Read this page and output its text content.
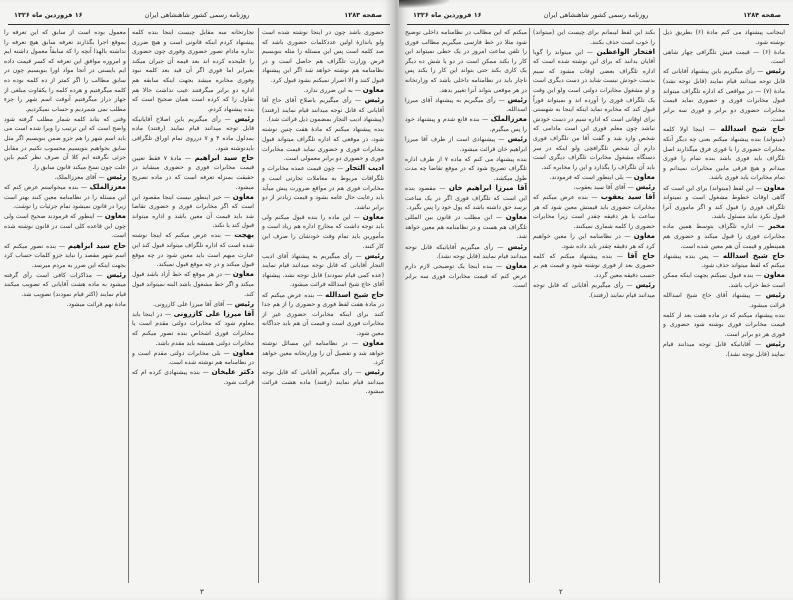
صفحه ۱۲۸۳
روزنامه رسمی کشور شاهنشاهی ایران
۱۶ فروردین ماه ۱۳۲۶

حضوری باشد چون در اینجا نوشته شده است ولو باندازهٔ اولین عددکلمات حضوری باشد که صد کلمه است پس این مسئله را مثله بنویسیم فرض وزارت تلگراف هم حاصل است و در نظامنامه هم نوشته خواهد شد اگر این پیشنهاد قبول کنند و الا اصرار نمیکنم بشود قبول کرد.

معاون — به این ضرری ندارد.

رئیس — رأی میگیریم باصلاح آقای حاج آقا آقایانی که قابل توجه میدانند قیام نمایند (رفتند) (پیشنهاد ادیب التجار بمضمون ذیل قرائت شد).

بنده پیشنهاد میکنم که مادهٔ هفت چنین نوشته شود، در موقعی که اداره تلگراف میتواند قبول مخابرات فوری و حضوری نماید قیمت مخابرات فوری و حضوری دو برابر معمولی است.

ادیب التجار — چون قیمت عمده مخابرات و تلگرافات مربوط به معاملات تجارتی است و مخابرات فوری هم در مواقع ضرورت پیش میآید باید رعایت حال عامه بشود و قیمت زیادتر از دو برابر نباشد.

معاون — این ماده را بنده قبول میکنم ولی باید توجه داشت که مخارج اداره هم زیاد است و مأمورین باید تمام وقت خودشان را صرف این کار کنند.

رئیس — رأی میگیریم به پیشنهاد آقای ادیب التجار آقایانی که قابل توجه میدانند قیام نمایند (عده کمی قیام نمودند) قابل توجه نشد. پیشنهاد آقای حاج شیخ اسدالله قرائت میشود.

حاج شیخ اسدالله — بنده عرض میکنم که در مادهٔ هفت لفظ فوری و حضوری را از هم جدا کنند برای اینکه مخابرات حضوری غیر از مخابرات فوری است و قیمت آن هم باید جداگانه معین شود.

معاون — در نظامنامه این مسائل نوشته خواهد شد و تفصیل آن را وزارتخانه معین خواهد کرد.

رئیس — رأی میگیریم آقایانی که قابل توجه میدانند قیام نمایند (رفتند) ماده هشت قرائت میشود.

تجارتخانه سه مقابل چیست اینجا بنده کلمه پیشنهاد کردم اینکه قانونی است و هیچ ضرری نداره مادام تصور حضوری وفوری چون حضوری را علیحده کرده اند بعد قیمه آن جبران میکند بعبرابر اما فوری اگر آن قید بعد کلمه نبود وفوری مخابره میشد بجهت اینکه سابقه هم اداره دو برابر میگرفتند عیب نداشت حالا هم تقاول را که کرده است همان صحیح است که بنده پیشنهاد کردم.

رئیس — رأی میگیریم باین اصلاح آقایانیکه قابل توجه میدانند قیام نمایند (رفتند) ماده بمدلول ماده ۴ و ۷ درروی تمام اوراق تلگرافی بایدنوشته شود.

حاج سید ابراهیم — مادهٔ ۷ فقط تعیین قیمت مخابرات فوری و حضوری میشاید در حقیقت بمنزله تعرفه است که در ماده تصریح میشود.

معاون — خیر اینطور نیست اینجا مقصود این است که اگر مخابرات فوری و حضوری تقاضا شد باید قیمت آن معین باشد و اداره میتواند قبول کند یا نکند.

بهجت — بنده عرض میکنم که اینجا نوشته شده است که اداره تلگراف میتواند قبول کند این عبارت مبهم است باید معین شود در چه موقع قبول میکند و در چه موقع قبول نمیکند.

معاون — در هر موقع که خط آزاد باشد قبول میکند و اگر خط مشغول باشد البته نمیتواند قبول کند.

رئیس — آقای آقا میرزا علی کازرونی.

آقا میرزا علی کازرونی — در اینجا باید معلوم شود که مخابرات دولتی مقدم است یا مخابرات فوری اشخاص بنده تصور میکنم که مخابرات دولتی همیشه باید مقدم باشد.

معاون — بلی مخابرات دولتی مقدم است و در نظامنامه هم نوشته شده است.

دکتر علیخان — بنده پیشنهادی کرده ام که قرائت شود.

معمول بوده است از سابق که این تعرفه را بموقع اجرا بگذارند تعرفه سابق هیچ تعرفه را نداشته بالهذا آنچه را که سابقاً معمول داشته ایم و امروزه موافق این تعرفه که کسر قیمت داده ایم بایستی در آنجا مواد اورا بنویسیم چون در سابق مطالب را اگر کمتر از ده کلمه بوده ده کلمه میگرفتیم و هرده کلمه را یکقاوت مبلغی از جهاز دراز میگرفتیم آنوقت اسم شهر را جزء مطلب نمی شمردیم و حساب نمیکردیم.

وقتی که بتاند کلمه شمار مطلب گرفته شود واضح است که این ترتیب را ویرا شده است می باید اسم شهر را هم جزو ضمن بنویسیم اگر مثل سابق بخواهیم بنویسیم محسوب نکنیم در مقابل جزئی نگرفته ایم کلا آن صرف نظر کنیم باین علت چون نسخ میکند قانون سابق را.

رئیس — آقای معززالملک.

معززالملک — بنده میخواستم عرض کنم که این مسئله را در نظامنامه معین کنند بهتر است زیرا در قانون نمیشود تمام جزئیات را نوشت.

معاون — اینطور که فرمودند صحیح است ولی چون این قاعده کلی است در قانون نوشته شده است.

حاج سید ابراهیم — بنده تصور میکنم که اسم شهر مقصد را نباید جزو کلمات حساب کرد بجهت اینکه این ضرر به مردم میرسد.

رئیس — مذاکرات کافی است رأی گرفته میشود به ماده هشت آقایانی که تصویب میکنند قیام نمایند (اکثر قیام نمودند) تصویب شد.

مادهٔ نهم قرائت میشود.

۳
صفحه ۱۲۸۴
روزنامه رسمی کشور شاهنشاهی ایران
۱۶ فروردین ماه ۱۳۲۶

اینجانب پیشنهاد می کنم مادهٔ (۶) بطریق ذیل نوشته شود.

مادهٔ (۶) — قیمت فیش تلگرافی چهار شاهی است.

رئیس — رأی میگیریم باین پیشنهاد آقایانی که قابل توجه میدانند قیام نمایند (قابل توجه نشد) مادهٔ (۷) — در مواقعی که اداره تلگراف میتواند قبول مخابرات فوری و حضوری نماید قیمت مخابرات حضوری دو برابر و فوری سه برابر است.

حاج شیخ اسدالله — اینجا اولا کلمه (میتواند) بنده پیشنهاد میکنم بعنی چه دیگر آنکه مخابرات حضوری را با فوری فرق میگذارند اصل تلگراف باید فوری باشد بنده تمام را فوری میدانم و هیچ فرقی مابین مخابرات نمیدانم و تمام مخابرات باید فوری باشد.

معاون — این لفظ (میتواند) برای این است که گاهی اوقات خطوط مشغول است و نمیتواند تلگراف فوری را قبول کند و اگر ماموری آنرا قبول نکرد نباید مسئول باشد.

مخبر — اداره تلگراف بتوسط همین ماده مخابرات فوری را قبول میکند و حضوری هم همینطور و قیمت آن هم معین شده است.

حاج شیخ اسدالله — پس بنده پیشنهاد میکنم که لفظ میتواند حذف شود.

معاون — بنده قبول نمیکنم بجهت اینکه ممکن است خط خراب باشد.

رئیس — پیشنهاد آقای حاج شیخ اسدالله قرائت میشود.

بنده پیشنهاد میکنم که در ماده هفت بعد از کلمه قیمت مخابرات فوری نوشته شود حضوری و فوری هر دو برابر است.

رئیس — آقایانیکه قابل توجه میدانند قیام نمایند (قابل توجه نشد).

بکند این لفظ لیبمانم برای چیست این (میتواند) را خوب است حذف بکنند.

افتخار الواعظین — این میتواند را گویا آقایان بدانند که برای این نوشته شده است که اداره تلگراف بعضی اوقات مشود که سیم بدست خودش نیست شاید در دست دیگری است و او مشغول مخابرات دولتی است ولو این وقت یک تلگراف فوری را آورده اند و نمیتواند فوراً قبول کند که مخابره نماید اینکه اینجا به شهستی برای اوقاتی است که اداره سیم در دست خودش نباشد چون معلم فوری این است مادامی که شخص وارد شد و گفت آقا من تلگراف فوری دارم آن شخص تلگرافچی ولو اینکه در سر دستگاه مشغول مخابرات تلگراف دیگری است باید آن تلگراف را بگذارد و این را مخابره کند.

معاون — بلی اینطور است که فرمودند.

رئیس — آقای آقا سید یعقوب.

آقا سید یعقوب — بنده عرض میکنم که مخابرات حضوری باید قیمتش معین شود که هر ساعت یا هر دقیقه چقدر است زیرا مخابرات حضوری را کلمه شماری نمیکنند.

معاون — در نظامنامه این را معین خواهیم کرد که هر دقیقه چقدر باید داده شود.

حاج آقا — بنده پیشنهاد میکنم که کلمه حضوری بعد از فوری نوشته شود و قیمت هم بر حسب دقیقه معین گردد.

رئیس — رأی میگیریم آقایانی که قابل توجه میدانند قیام نمایند (رفتند).

میکنم که این مطالب در نظامنامه داخلی توضیح شود مثلا در خط فارسی میگیریم مطالب فوری را تلفن ساعت امروز در یک خطی نمیتواند این کار را بکند ممکن است در دو یا شش ده دیگر یک کاری بکند حتی بتواند این کار را بکند پس ناچار باید در نظامنامه داخلی باشد که وزارتخانه در هر موقعی بتواند آنرا تغییر بدهد.

رئیس — رأی میگیریم به پیشنهاد آقای میرزا اسدالله.

معززالملک — بنده قانع شدم و پیشنهاد خود را پس میگیرم.

رئیس — پیشنهادی است از طرف آقا میرزا ابراهیم خان قرائت میشود.

بنده پیشنهاد می کنم که ماده ۷ از طرف اداره تلگراف تصریح شود که در موقع تقاضا چه مدت طول میکشد.

آقا میرزا ابراهیم خان — مقصود بنده این است که تلگراف فوری اگر در یک ساعت نرسد حق داشته باشد که پول خود را پس بگیرد.

معاون — این مطلب در قانون بین المللی تلگراف هم هست و در نظامنامه هم معین خواهد شد.

رئیس — رأی میگیریم آقایانیکه قابل توجه میدانند قیام نمایند (قابل توجه نشد).

معاون — بنده اینجا یک توضیحی لازم دارم عرض کنم که قیمت مخابرات فوری سه برابر است.

۲
